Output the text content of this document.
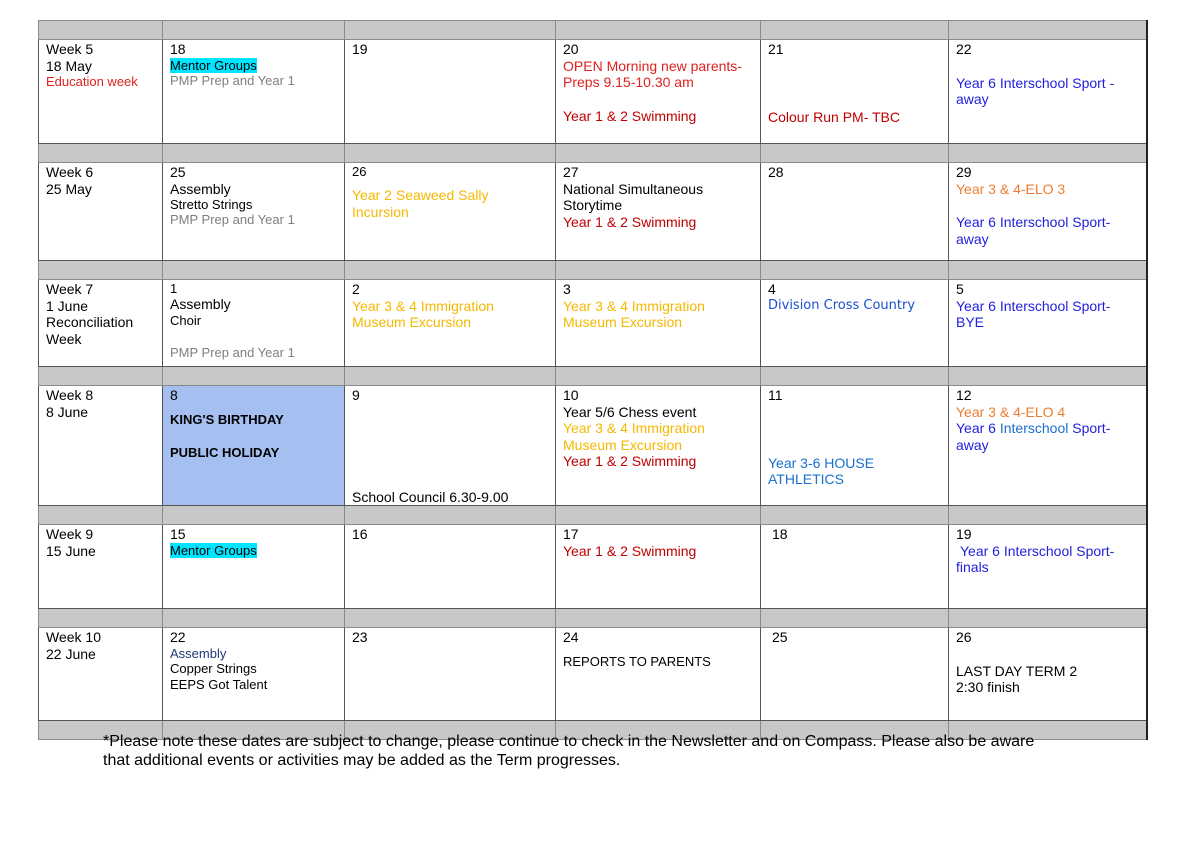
Week 5
18 May
Education week	18
Mentor Groups
PMP Prep and Year 1	19	20
OPEN Morning new parents-
Preps 9.15-10.30 am
Year 1 & 2 Swimming	21
Colour Run PM- TBC	22
Year 6 Interschool Sport -
away

Week 6
25 May	25
Assembly
Stretto Strings
PMP Prep and Year 1	26
Year 2 Seaweed Sally
Incursion	27
National Simultaneous
Storytime
Year 1 & 2 Swimming	28	29
Year 3 & 4-ELO 3
Year 6 Interschool Sport-
away

Week 7
1 June
Reconciliation
Week	1
Assembly
Choir
PMP Prep and Year 1	2
Year 3 & 4 Immigration
Museum Excursion	3
Year 3 & 4 Immigration
Museum Excursion	4
Division Cross Country	5
Year 6 Interschool Sport-
BYE

Week 8
8 June	8
KING'S BIRTHDAY
PUBLIC HOLIDAY	9
School Council 6.30-9.00	10
Year 5/6 Chess event
Year 3 & 4 Immigration
Museum Excursion
Year 1 & 2 Swimming	11
Year 3-6 HOUSE
ATHLETICS	12
Year 3 & 4-ELO 4
Year 6 Interschool Sport-
away

Week 9
15 June	15
Mentor Groups	16	17
Year 1 & 2 Swimming	18	19
Year 6 Interschool Sport-
finals

Week 10
22 June	22
Assembly
Copper Strings
EEPS Got Talent	23	24
REPORTS TO PARENTS	25	26
LAST DAY TERM 2
2:30 finish

*Please note these dates are subject to change, please continue to check in the Newsletter and on Compass. Please also be aware that additional events or activities may be added as the Term progresses.
